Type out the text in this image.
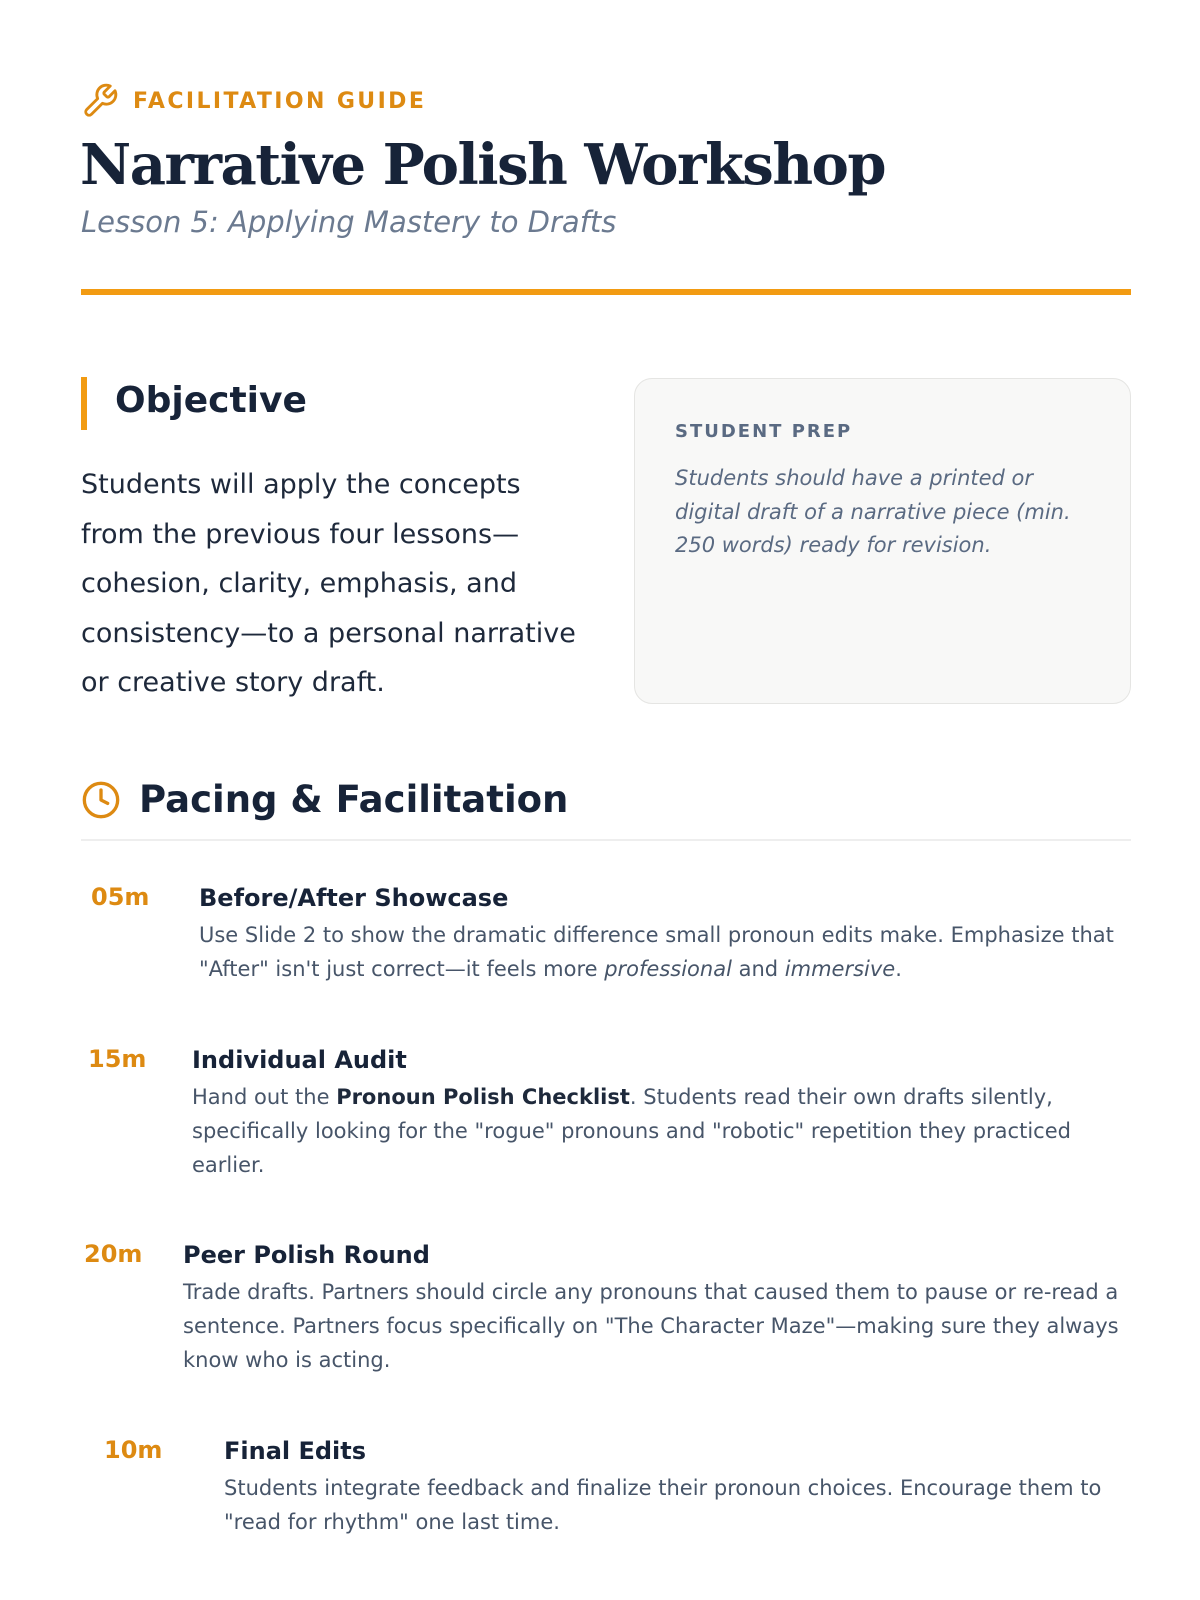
FACILITATION GUIDE
Narrative Polish Workshop
Lesson 5: Applying Mastery to Drafts
Objective

Students will apply the concepts from the previous four lessons—cohesion, clarity, emphasis, and consistency—to a personal narrative or creative story draft.

STUDENT PREP

Students should have a printed or digital draft of a narrative piece (min. 250 words) ready for revision.

Pacing & Facilitation
05m Before/After Showcase

Use Slide 2 to show the dramatic difference small pronoun edits make. Emphasize that "After" isn't just correct—it feels more professional and immersive.

15m Individual Audit

Hand out the Pronoun Polish Checklist. Students read their own drafts silently, specifically looking for the "rogue" pronouns and "robotic" repetition they practiced earlier.

20m Peer Polish Round

Trade drafts. Partners should circle any pronouns that caused them to pause or re-read a sentence. Partners focus specifically on "The Character Maze"—making sure they always know who is acting.

10m	Final Edits

Students integrate feedback and finalize their pronoun choices. Encourage them to "read for rhythm" one last time.
